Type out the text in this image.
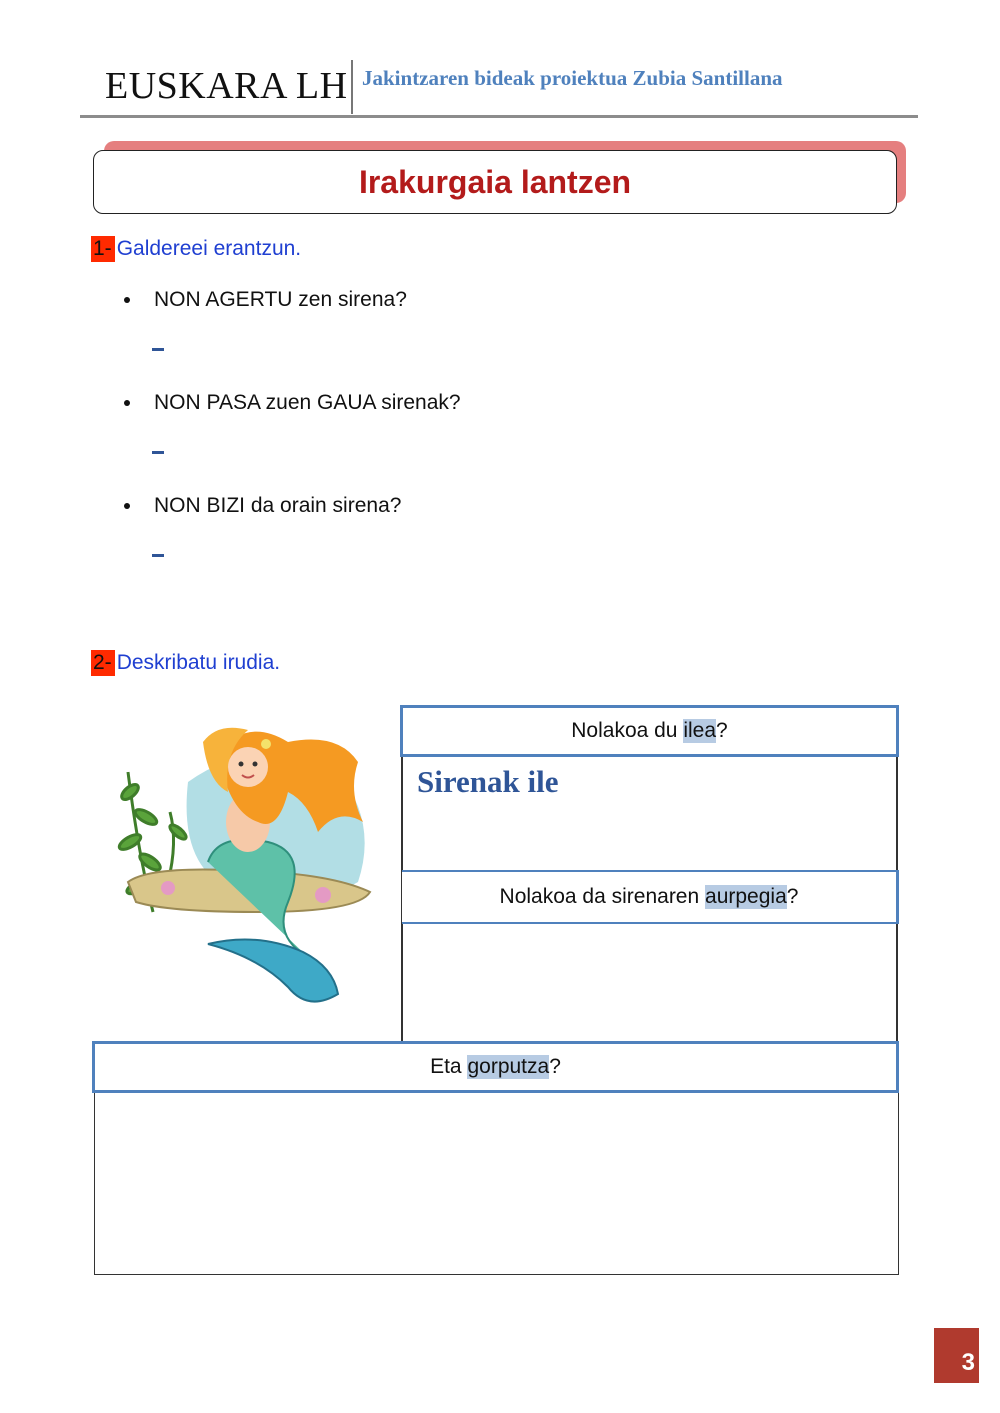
EUSKARA LH Jakintzaren bideak proiektua Zubia Santillana
Irakurgaia lantzen
1- Galdereei erantzun.
NON AGERTU zen sirena?
NON PASA zuen GAUA sirenak?
NON BIZI da orain sirena?
2- Deskribatu irudia.
Nolakoa du
ilea ?
Sirenak ile
Nolakoa da sirenaren
aurpegia ?
Eta
gorputza ?
3
